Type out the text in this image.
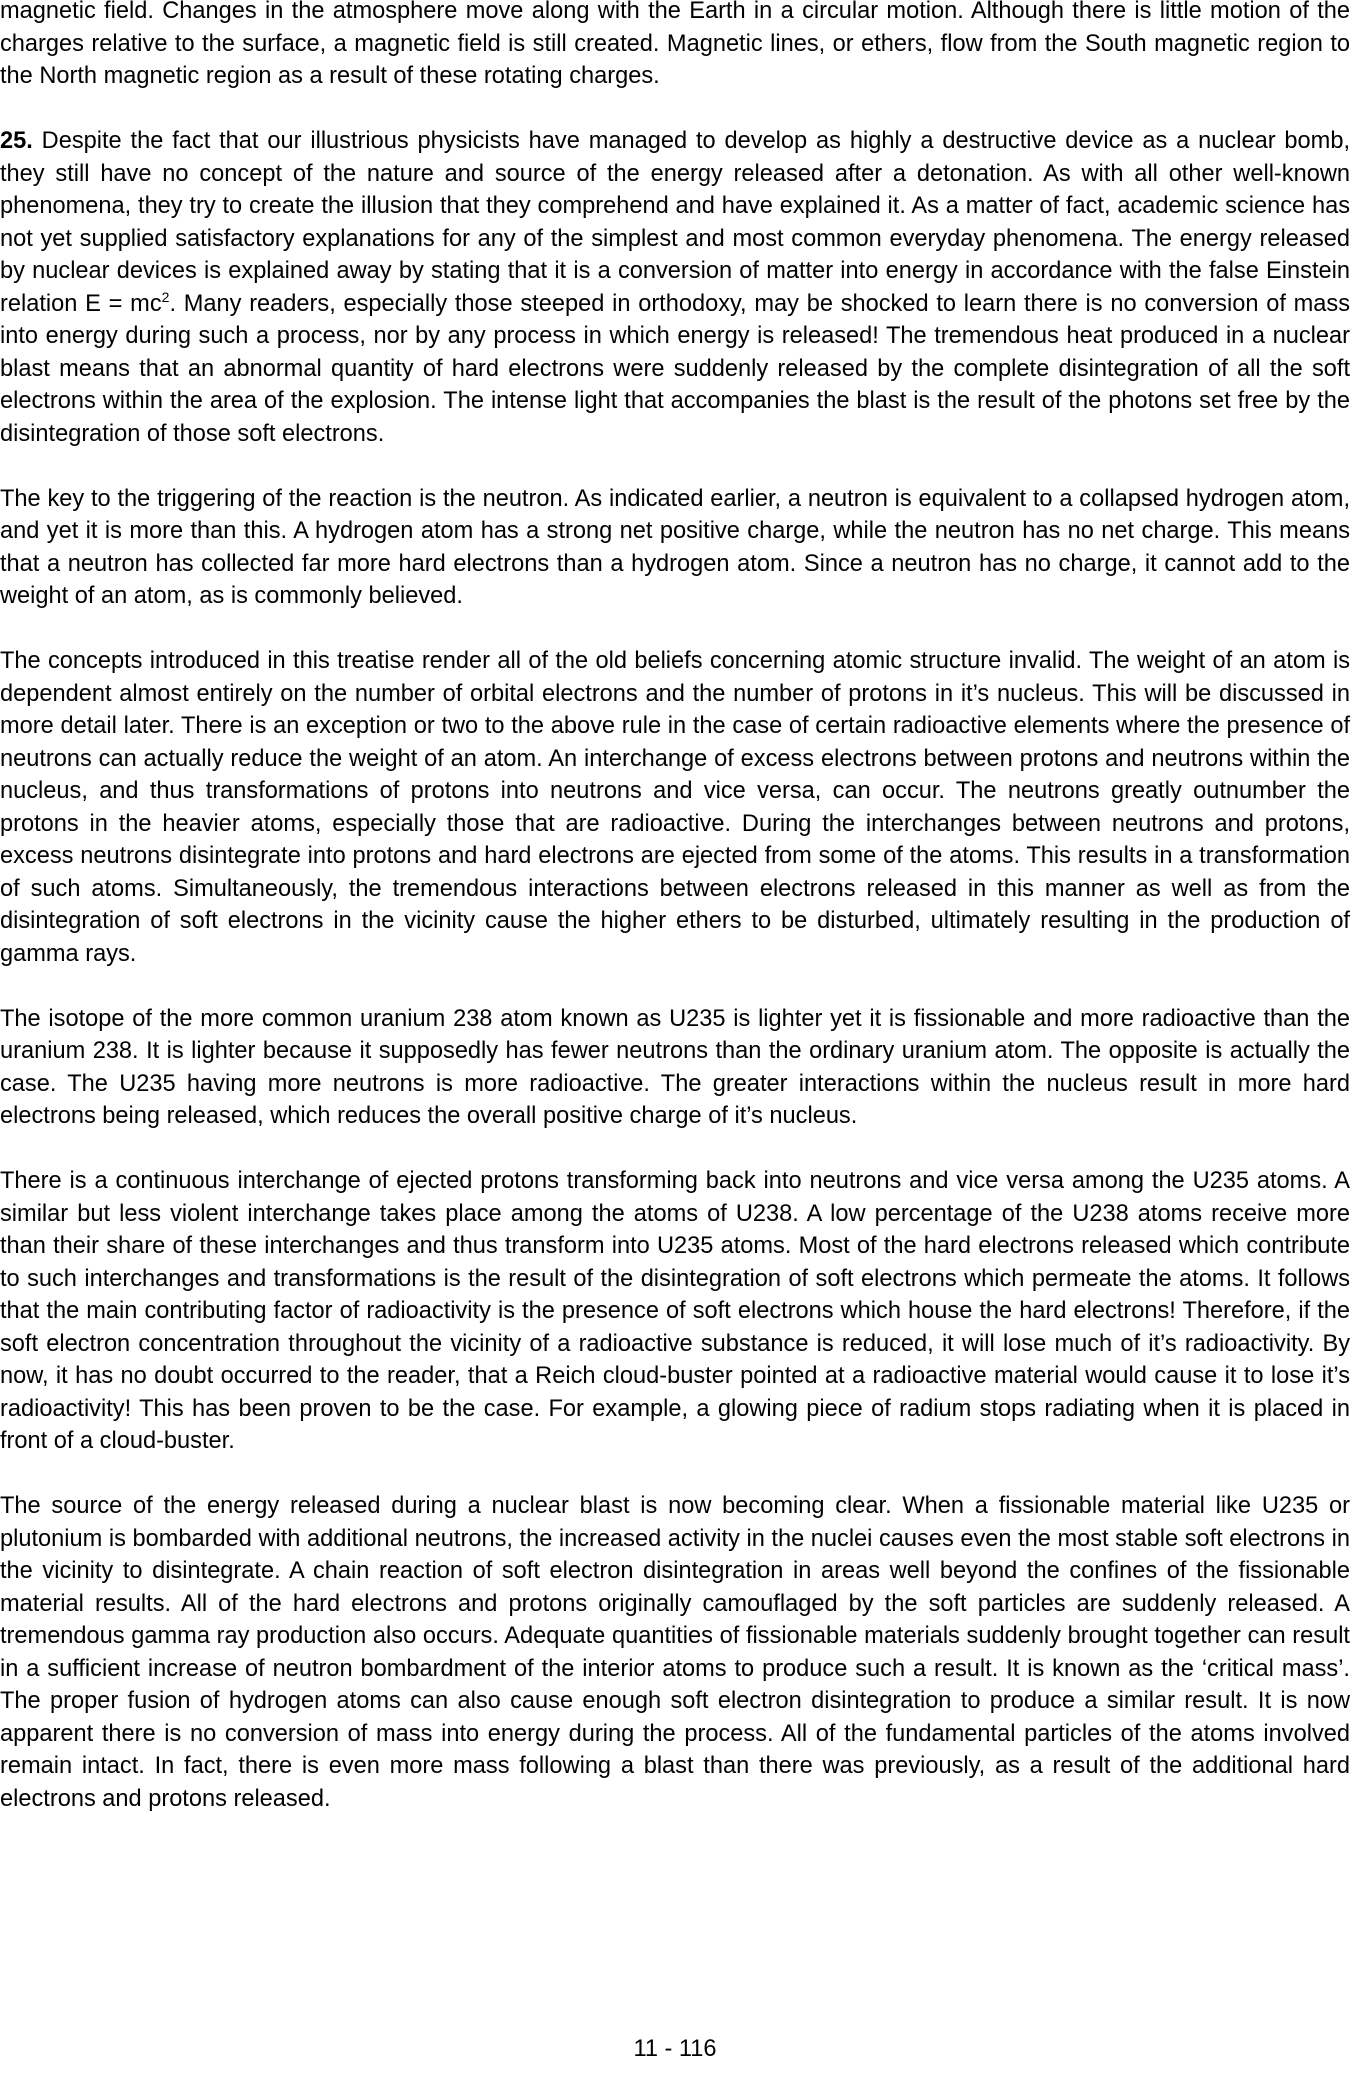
magnetic field. Changes in the atmosphere move along with the Earth in a circular motion. Although there is little motion of the charges relative to the surface, a magnetic field is still created. Magnetic lines, or ethers, flow from the South magnetic region to the North magnetic region as a result of these rotating charges.

25. Despite the fact that our illustrious physicists have managed to develop as highly a destructive device as a nuclear bomb, they still have no concept of the nature and source of the energy released after a detonation. As with all other well-known phenomena, they try to create the illusion that they comprehend and have explained it. As a matter of fact, academic science has not yet supplied satisfactory explanations for any of the simplest and most common everyday phenomena. The energy released by nuclear devices is explained away by stating that it is a conversion of matter into energy in accordance with the false Einstein relation $E = mc^2$. Many readers, especially those steeped in orthodoxy, may be shocked to learn there is no conversion of mass into energy during such a process, nor by any process in which energy is released! The tremendous heat produced in a nuclear blast means that an abnormal quantity of hard electrons were suddenly released by the complete disintegration of all the soft electrons within the area of the explosion. The intense light that accompanies the blast is the result of the photons set free by the disintegration of those soft electrons.

The key to the triggering of the reaction is the neutron. As indicated earlier, a neutron is equivalent to a collapsed hydrogen atom, and yet it is more than this. A hydrogen atom has a strong net positive charge, while the neutron has no net charge. This means that a neutron has collected far more hard electrons than a hydrogen atom. Since a neutron has no charge, it cannot add to the weight of an atom, as is commonly believed.

The concepts introduced in this treatise render all of the old beliefs concerning atomic structure invalid. The weight of an atom is dependent almost entirely on the number of orbital electrons and the number of protons in it’s nucleus. This will be discussed in more detail later. There is an exception or two to the above rule in the case of certain radioactive elements where the presence of neutrons can actually reduce the weight of an atom. An interchange of excess electrons between protons and neutrons within the nucleus, and thus transformations of protons into neutrons and vice versa, can occur. The neutrons greatly outnumber the protons in the heavier atoms, especially those that are radioactive. During the interchanges between neutrons and protons, excess neutrons disintegrate into protons and hard electrons are ejected from some of the atoms. This results in a transformation of such atoms. Simultaneously, the tremendous interactions between electrons released in this manner as well as from the disintegration of soft electrons in the vicinity cause the higher ethers to be disturbed, ultimately resulting in the production of gamma rays.

The isotope of the more common uranium 238 atom known as U235 is lighter yet it is fissionable and more radioactive than the uranium 238. It is lighter because it supposedly has fewer neutrons than the ordinary uranium atom. The opposite is actually the case. The U235 having more neutrons is more radioactive. The greater interactions within the nucleus result in more hard electrons being released, which reduces the overall positive charge of it’s nucleus.

There is a continuous interchange of ejected protons transforming back into neutrons and vice versa among the U235 atoms. A similar but less violent interchange takes place among the atoms of U238. A low percentage of the U238 atoms receive more than their share of these interchanges and thus transform into U235 atoms. Most of the hard electrons released which contribute to such interchanges and transformations is the result of the disintegration of soft electrons which permeate the atoms. It follows that the main contributing factor of radioactivity is the presence of soft electrons which house the hard electrons! Therefore, if the soft electron concentration throughout the vicinity of a radioactive substance is reduced, it will lose much of it’s radioactivity. By now, it has no doubt occurred to the reader, that a Reich cloud-buster pointed at a radioactive material would cause it to lose it’s radioactivity! This has been proven to be the case. For example, a glowing piece of radium stops radiating when it is placed in front of a cloud-buster.

The source of the energy released during a nuclear blast is now becoming clear. When a fissionable material like U235 or plutonium is bombarded with additional neutrons, the increased activity in the nuclei causes even the most stable soft electrons in the vicinity to disintegrate. A chain reaction of soft electron disintegration in areas well beyond the confines of the fissionable material results. All of the hard electrons and protons originally camouflaged by the soft particles are suddenly released. A tremendous gamma ray production also occurs. Adequate quantities of fissionable materials suddenly brought together can result in a sufficient increase of neutron bombardment of the interior atoms to produce such a result. It is known as the ‘critical mass’. The proper fusion of hydrogen atoms can also cause enough soft electron disintegration to produce a similar result. It is now apparent there is no conversion of mass into energy during the process. All of the fundamental particles of the atoms involved remain intact. In fact, there is even more mass following a blast than there was previously, as a result of the additional hard electrons and protons released.

11 - 116
